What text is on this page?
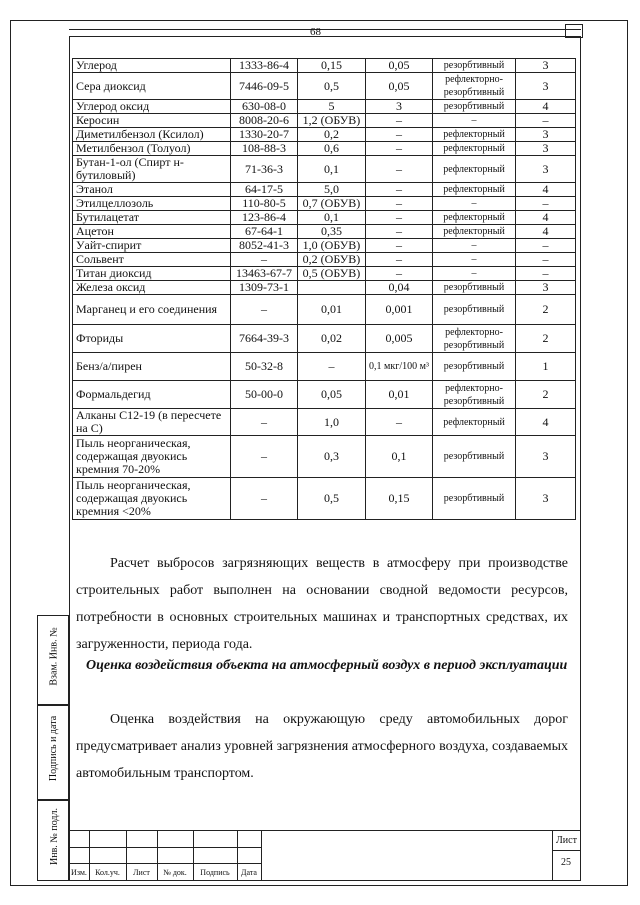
68
Взам. Инв. №
Подпись и дата
Инв. № подл.
Углерод	1333-86-4	0,15	0,05	резорбтивный	3
Сера диоксид	7446-09-5	0,5	0,05	рефлекторно-резорбтивный	3
Углерод оксид	630-08-0	5	3	резорбтивный	4
Керосин	8008-20-6	1,2 (ОБУВ)	–	–	–
Диметилбензол (Ксилол)	1330-20-7	0,2	–	рефлекторный	3
Метилбензол (Толуол)	108-88-3	0,6	–	рефлекторный	3
Бутан-1-ол (Спирт н-бутиловый)	71-36-3	0,1	–	рефлекторный	3
Этанол	64-17-5	5,0	–	рефлекторный	4
Этилцеллозоль	110-80-5	0,7 (ОБУВ)	–	–	–
Бутилацетат	123-86-4	0,1	–	рефлекторный	4
Ацетон	67-64-1	0,35	–	рефлекторный	4
Уайт-спирит	8052-41-3	1,0 (ОБУВ)	–	–	–
Сольвент	–	0,2 (ОБУВ)	–	–	–
Титан диоксид	13463-67-7	0,5 (ОБУВ)	–	–	–
Железа оксид	1309-73-1		0,04	резорбтивный	3
Марганец и его соединения	–	0,01	0,001	резорбтивный	2
Фториды	7664-39-3	0,02	0,005	рефлекторно-резорбтивный	2
Бенз/а/пирен	50-32-8	–	0,1 мкг/100 м³	резорбтивный	1
Формальдегид	50-00-0	0,05	0,01	рефлекторно-резорбтивный	2
Алканы C12-19 (в пересчете на С)	–	1,0	–	рефлекторный	4
Пыль неорганическая, содержащая двуокись кремния 70-20%	–	0,3	0,1	резорбтивный	3
Пыль неорганическая, содержащая двуокись кремния <20%	–	0,5	0,15	резорбтивный	3
Расчет выбросов загрязняющих веществ в атмосферу при производстве строительных работ выполнен на основании сводной ведомости ресурсов, потребности в основных строительных машинах и транспортных средствах, их загруженности, периода года.
Оценка воздействия объекта на атмосферный воздух в период эксплуатации
Оценка воздействия на окружающую среду автомобильных дорог предусматривает анализ уровней загрязнения атмосферного воздуха, создаваемых автомобильным транспортом.
Изм.	Кол.уч.	Лист	№ док.	Подпись	Дата
Лист
25
